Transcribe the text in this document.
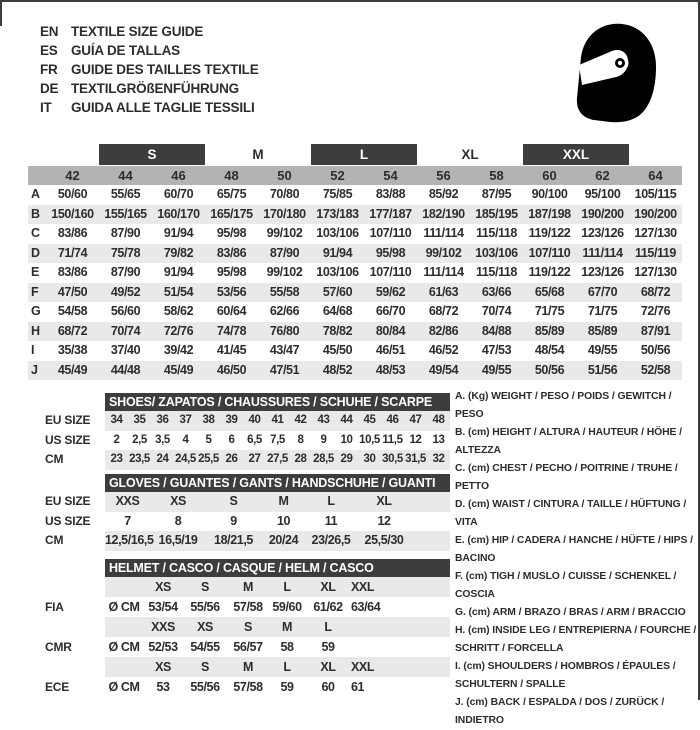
EN TEXTILE SIZE GUIDE
ES GUÍA DE TALLAS
FR GUIDE DES TAILLES TEXTILE
DE TEXTILGRÖßENFÜHRUNG
IT	GUIDA ALLE TAGLIE TESSILI
S	M	L	XL	XXL
42	44	46	48	50	52	54	56	58	60	62	64
A	50/60	55/65	60/70	65/75	70/80	75/85	83/88	85/92	87/95	90/100	95/100	105/115
B 150/160 155/165 160/170 165/175 170/180 173/183 177/187 182/190 185/195 187/198 190/200 190/200
C	83/86	87/90	91/94	95/98	99/102	103/106 107/110 111/114 115/118 119/122 123/126 127/130
D	71/74	75/78	79/82	83/86	87/90	91/94	95/98	99/102	103/106 107/110 111/114 115/119
E	83/86	87/90	91/94	95/98	99/102	103/106 107/110 111/114 115/118 119/122 123/126 127/130
F	47/50	49/52	51/54	53/56	55/58	57/60	59/62	61/63	63/66	65/68	67/70	68/72
G	54/58	56/60	58/62	60/64	62/66	64/68	66/70	68/72	70/74	71/75	71/75	72/76
H	68/72	70/74	72/76	74/78	76/80	78/82	80/84	82/86	84/88	85/89	85/89	87/91
I	35/38	37/40	39/42	41/45	43/47	45/50	46/51	46/52	47/53	48/54	49/55	50/56
J	45/49	44/48	45/49	46/50	47/51	48/52	48/53	49/54	49/55	50/56	51/56	52/58
SHOES/ ZAPATOS / CHAUSSURES / SCHUHE / SCARPE
EU SIZE	34 35 36 37 38 39 40 41 42 43 44 45 46 47 48
US SIZE	2	2,5 3,5	4	5	6	6,5 7,5	8	9	10 10,5 11,5 12 13
CM	23 23,5 24 24,5 25,5 26 27 27,5 28 28,5 29 30 30,5 31,5 32
GLOVES / GUANTES / GANTS / HANDSCHUHE / GUANTI
EU SIZE	XXS	XS	S	M	L	XL
US SIZE	7	8	9	10	11	12
CM	12,5/16,5 16,5/19	18/21,5	20/24	23/26,5	25,5/30
HELMET / CASCO / CASQUE / HELM / CASCO
XS	S	M	L	XL	XXL
FIA	Ø CM 53/54	55/56	57/58 59/60 61/62 63/64
XXS	XS	S	M	L
CMR	Ø CM 52/53	54/55	56/57	58	59
XS	S	M	L	XL	XXL
ECE	Ø CM	53	55/56	57/58	59	60	61
A. (Kg) WEIGHT / PESO / POIDS / GEWITCH / PESO
B. (cm) HEIGHT / ALTURA / HAUTEUR / HÖHE / ALTEZZA
C. (cm) CHEST / PECHO / POITRINE / TRUHE / PETTO
D. (cm) WAIST / CINTURA / TAILLE / HÜFTUNG / VITA
E. (cm) HIP / CADERA / HANCHE / HÜFTE / HIPS / BACINO
F. (cm) TIGH / MUSLO / CUISSE / SCHENKEL / COSCIA
G. (cm) ARM / BRAZO / BRAS / ARM / BRACCIO
H. (cm) INSIDE LEG / ENTREPIERNA / FOURCHE / SCHRITT / FORCELLA
I. (cm) SHOULDERS / HOMBROS / ÉPAULES / SCHULTERN / SPALLE
J. (cm) BACK / ESPALDA / DOS / ZURÜCK / INDIETRO
